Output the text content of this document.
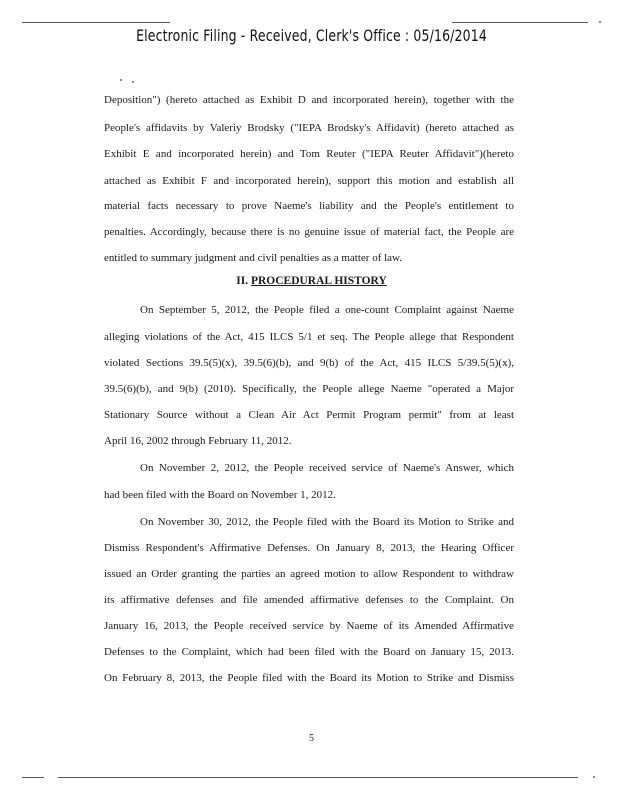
Electronic Filing - Received, Clerk's Office : 05/16/2014
Deposition") (hereto attached as Exhibit D and incorporated herein), together with the
People's affidavits by Valeriy Brodsky ("IEPA Brodsky's Affidavit) (hereto attached as
Exhibit E and incorporated herein) and Tom Reuter ("IEPA Reuter Affidavit")(hereto
attached as Exhibit F and incorporated herein), support this motion and establish all
material facts necessary to prove Naeme's liability and the People's entitlement to
penalties. Accordingly, because there is no genuine issue of material fact, the People are
entitled to summary judgment and civil penalties as a matter of law.
II. PROCEDURAL HISTORY
On September 5, 2012, the People filed a one-count Complaint against Naeme
alleging violations of the Act, 415 ILCS 5/1 et seq. The People allege that Respondent
violated Sections 39.5(5)(x), 39.5(6)(b), and 9(b) of the Act, 415 ILCS 5/39.5(5)(x),
39.5(6)(b), and 9(b) (2010). Specifically, the People allege Naeme "operated a Major
Stationary Source without a Clean Air Act Permit Program permit" from at least
April 16, 2002 through February 11, 2012.
On November 2, 2012, the People received service of Naeme's Answer, which
had been filed with the Board on November 1, 2012.
On November 30, 2012, the People filed with the Board its Motion to Strike and
Dismiss Respondent's Affirmative Defenses. On January 8, 2013, the Hearing Officer
issued an Order granting the parties an agreed motion to allow Respondent to withdraw
its affirmative defenses and file amended affirmative defenses to the Complaint. On
January 16, 2013, the People received service by Naeme of its Amended Affirmative
Defenses to the Complaint, which had been filed with the Board on January 15, 2013.
On February 8, 2013, the People filed with the Board its Motion to Strike and Dismiss
5
